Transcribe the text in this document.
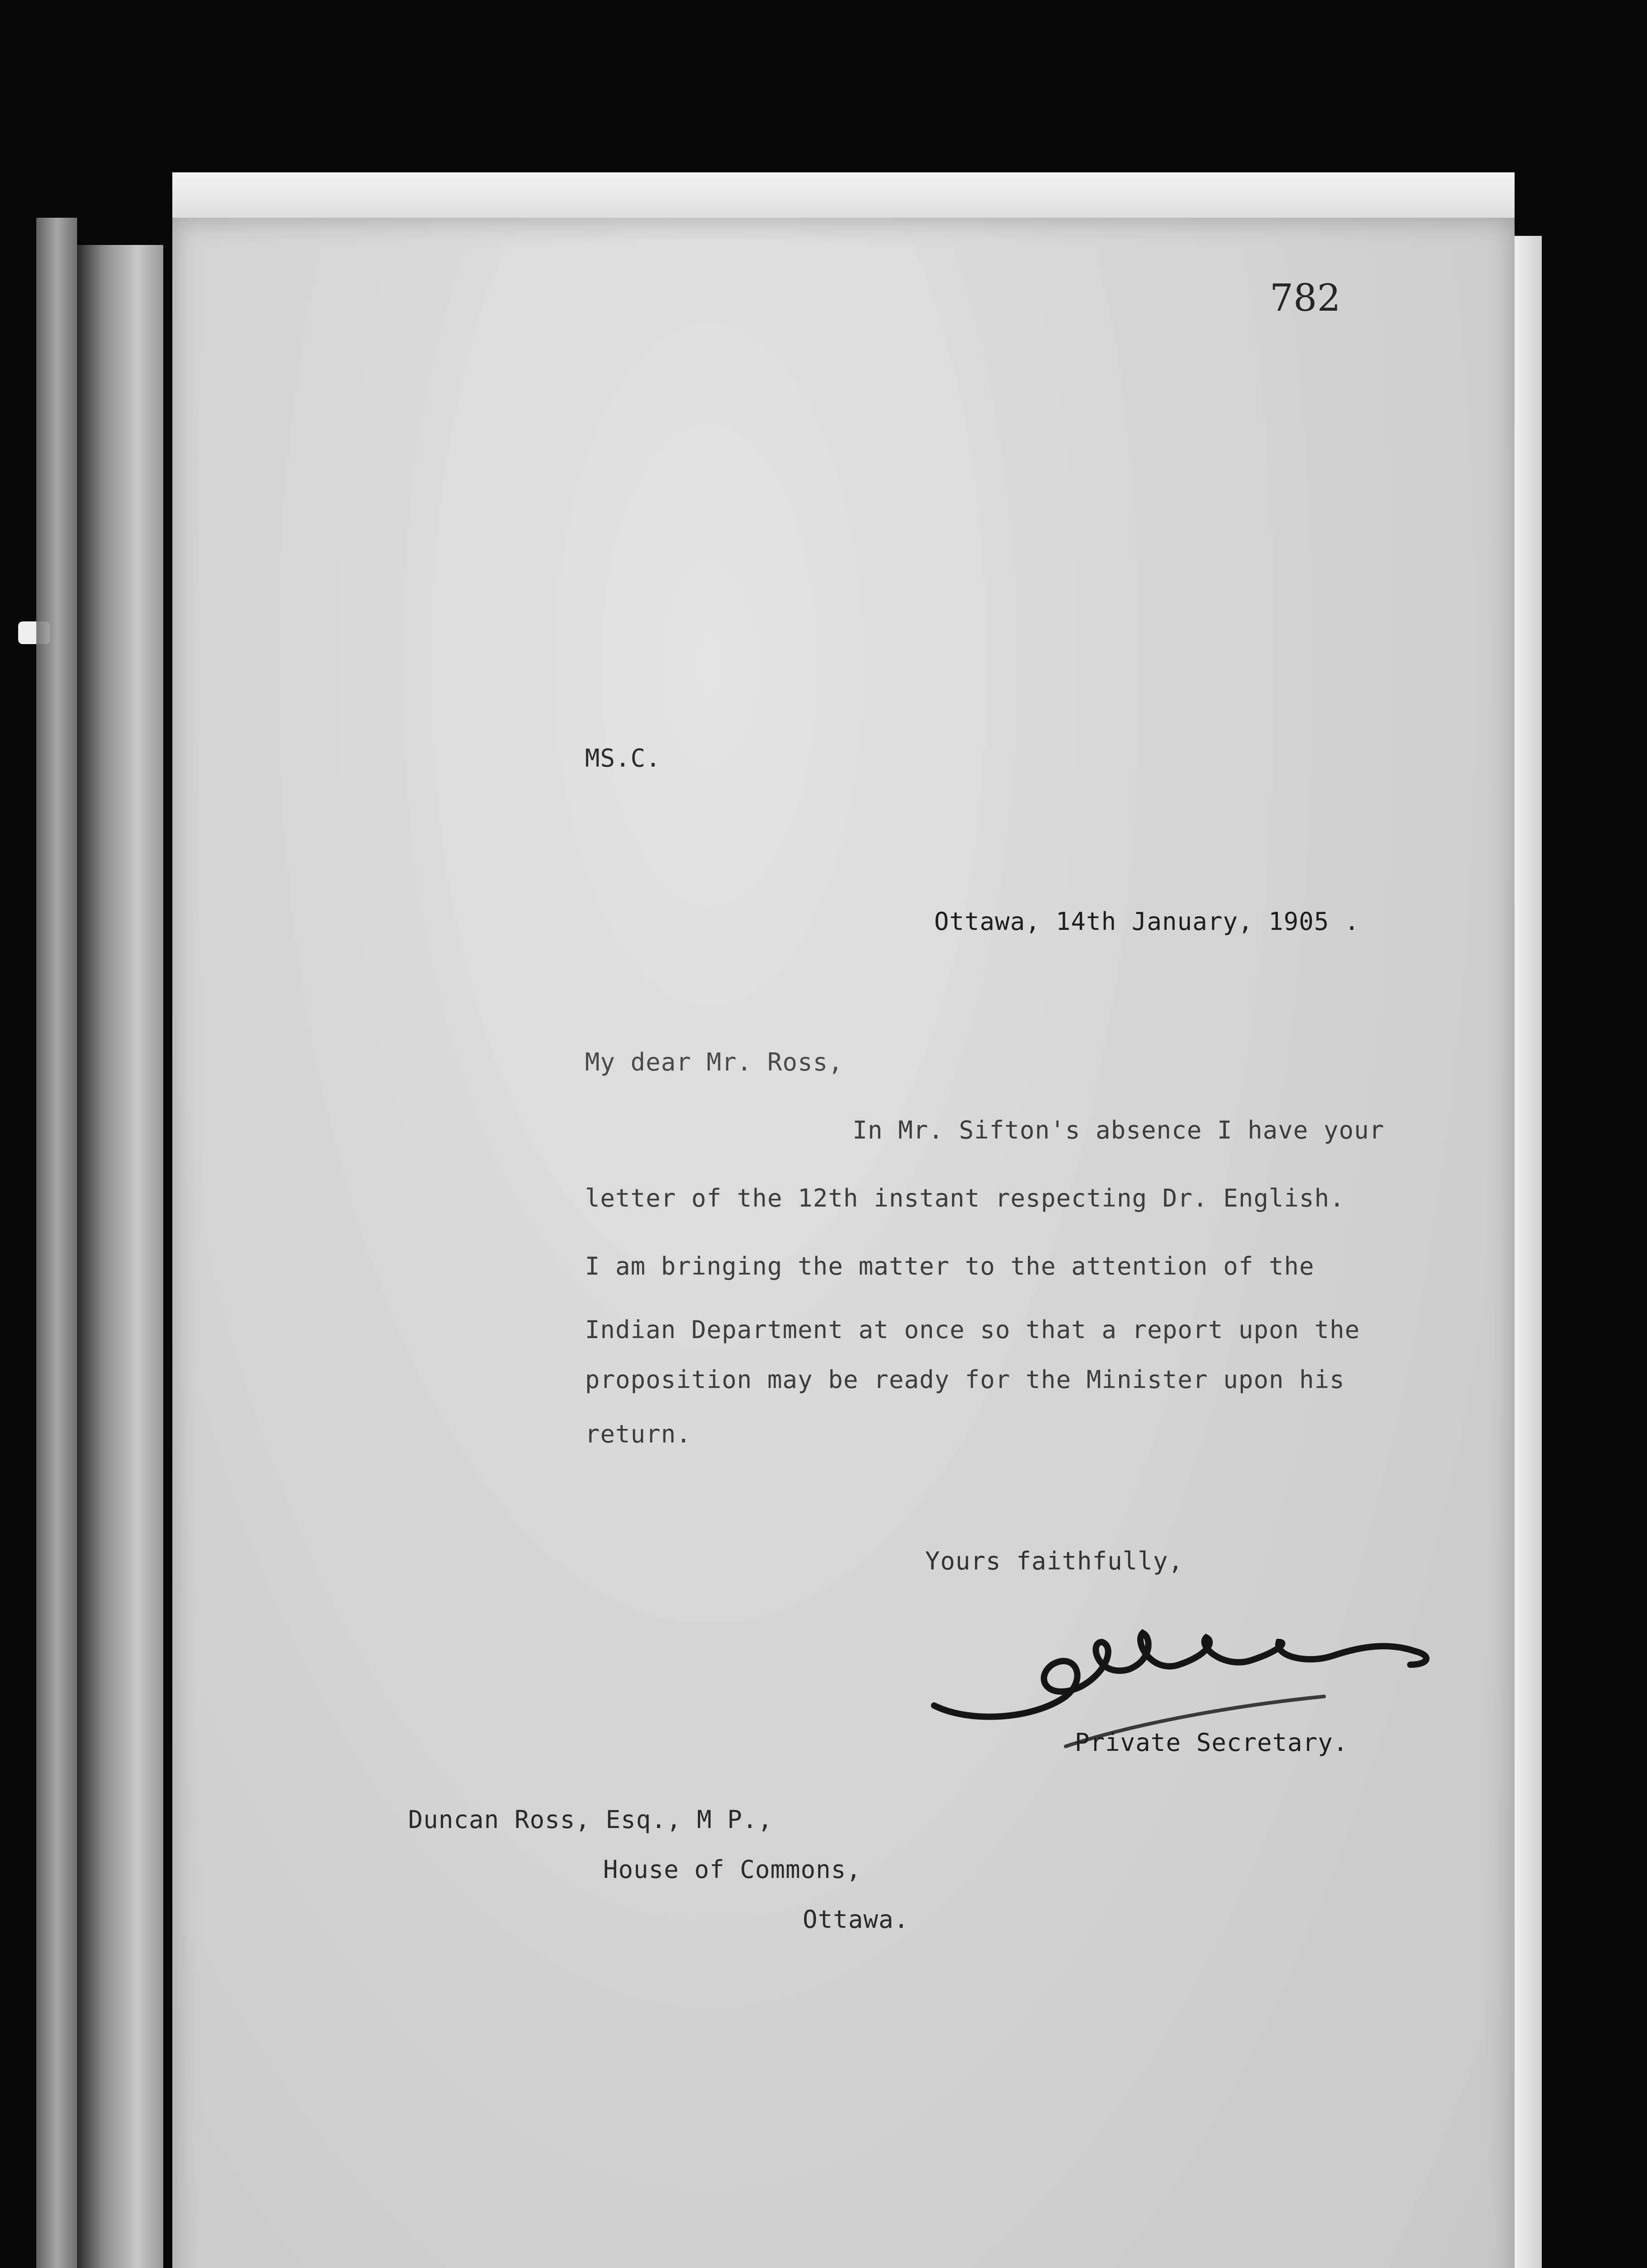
782
MS.C.
Ottawa, 14th January, 1905 .
My dear Mr. Ross,
In Mr. Sifton's absence I have your
letter of the 12th instant respecting Dr. English.
I am bringing the matter to the attention of the
Indian Department at once so that a report upon the
proposition may be ready for the Minister upon his
return.
Yours faithfully,
Private Secretary.
Duncan Ross, Esq., M P.,
House of Commons,
Ottawa.
